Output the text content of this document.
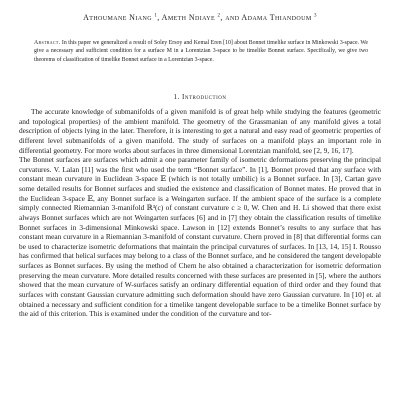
Athoumane Niang $^1$, Ameth Ndiaye $^2$, and Adama Thiandoum $^3$
Abstract. In this paper we generalized a result of Soley Ersoy and Kemal Eren [10] about Bonnet timelike surface in Minkowski 3-space. We give a necessary and sufficient condition for a surface M in a Lorentzian 3-space to be timelike Bonnet surface. Specifically, we give two theorems of classification of timelike Bonnet surface in a Lorentzian 3-space.
1. Introduction

The accurate knowledge of submanifolds of a given manifold is of great help while studying the features (geometric and topological properties) of the ambient manifold. The geometry of the Grassmanian of any manifold gives a total description of objects lying in the later. Therefore, it is interesting to get a natural and easy read of geometric properties of different level submanifolds of a given manifold. The study of surfaces on a manifold plays an important role in differential geometry. For more works about surfaces in three dimensional Lorentzian manifold, see [2, 9, 16, 17].

The Bonnet surfaces are surfaces which admit a one parameter family of isometric deformations preserving the principal curvatures. V. Lalan [11] was the first who used the term “Bonnet surface”. In [1], Bonnet proved that any surface with constant mean curvature in Euclidean 3-space 𝔼 (which is not totally umbilic) is a Bonnet surface. In [3], Cartan gave some detailed results for Bonnet surfaces and studied the existence and classification of Bonnet mates. He proved that in the Euclidean 3-space 𝔼, any Bonnet surface is a Weingarten surface. If the ambient space of the surface is a complete simply connected Riemannian 3-manifold ℝ³(c) of constant curvature c ≥ 0, W. Chen and H. Li showed that there exist always Bonnet surfaces which are not Weingarten surfaces [6] and in [7] they obtain the classification results of timelike Bonnet surfaces in 3-dimensional Minkowski space. Lawson in [12] extends Bonnet’s results to any surface that has constant mean curvature in a Riemannian 3-manifold of constant curvature. Chern proved in [8] that differential forms can be used to characterize isometric deformations that maintain the principal curvatures of surfaces. In [13, 14, 15] I. Rousso has confirmed that helical surfaces may belong to a class of the Bonnet surface, and he considered the tangent developable surfaces as Bonnet surfaces. By using the method of Chern he also obtained a characterization for isometric deformation preserving the mean curvature. More detailed results concerned with these surfaces are presented in [5], where the authors showed that the mean curvature of W-surfaces satisfy an ordinary differential equation of third order and they found that surfaces with constant Gaussian curvature admitting such deformation should have zero Gaussian curvature. In [10] et. al obtained a necessary and sufficient condition for a timelike tangent developable surface to be a timelike Bonnet surface by the aid of this criterion. This is examined under the condition of the curvature and tor-
